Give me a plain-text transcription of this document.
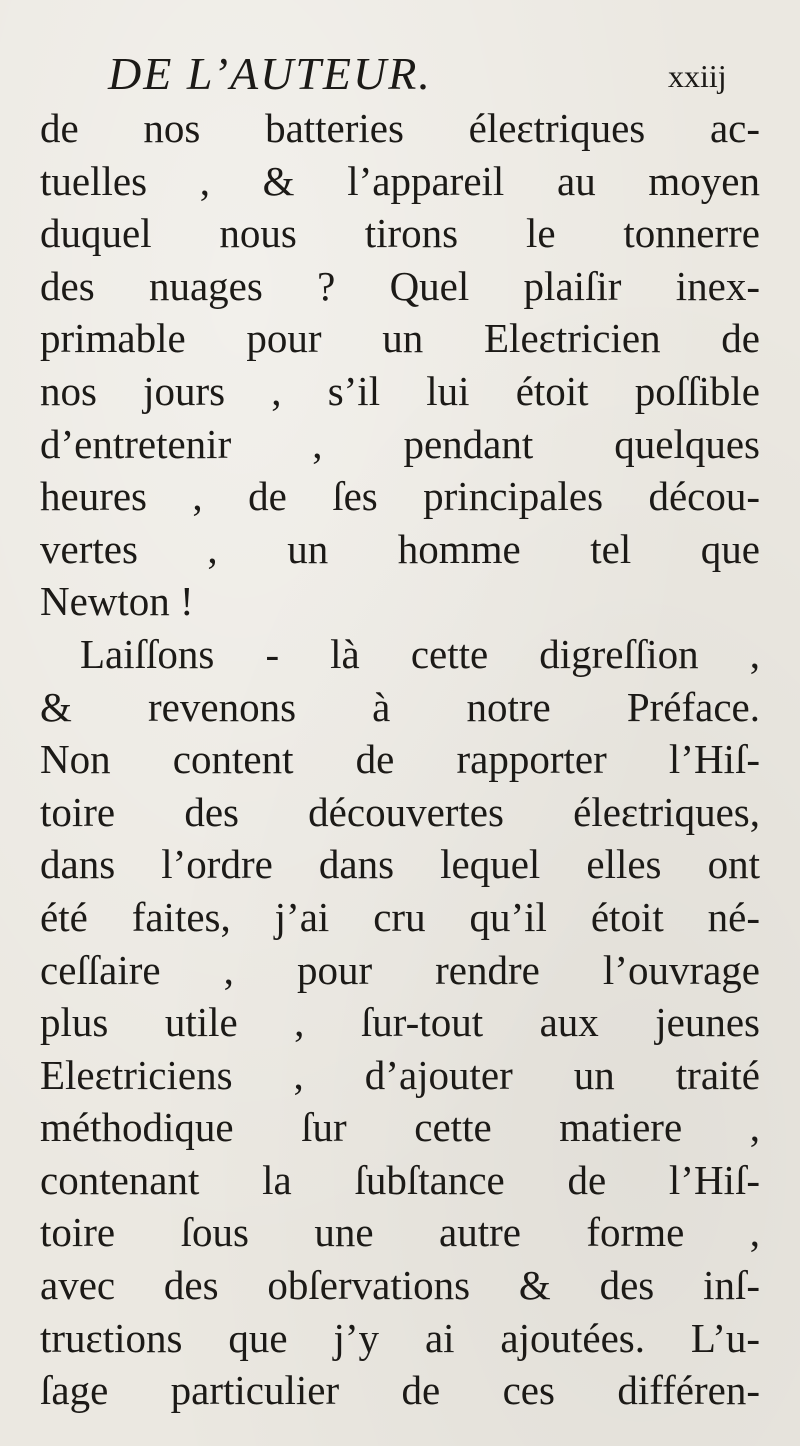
DE L’AUTEUR.	xxiij
de nos batteries éleɛtriques ac-
tuelles , & l’appareil au moyen
duquel nous tirons le tonnerre
des nuages ? Quel plaiſir inex-
primable pour un Eleɛtricien de
nos jours , s’il lui étoit poſſible
d’entretenir , pendant quelques
heures , de ſes principales décou-
vertes , un homme tel que
Newton !
Laiſſons - là cette digreſſion ,
& revenons à notre Préface.
Non content de rapporter l’Hiſ-
toire des découvertes éleɛtriques,
dans l’ordre dans lequel elles ont
été faites, j’ai cru qu’il étoit né-
ceſſaire , pour rendre l’ouvrage
plus utile , ſur-tout aux jeunes
Eleɛtriciens , d’ajouter un traité
méthodique ſur cette matiere ,
contenant la ſubſtance de l’Hiſ-
toire ſous une autre forme ,
avec des obſervations & des inſ-
truɛtions que j’y ai ajoutées. L’u-
ſage particulier de ces différen-
